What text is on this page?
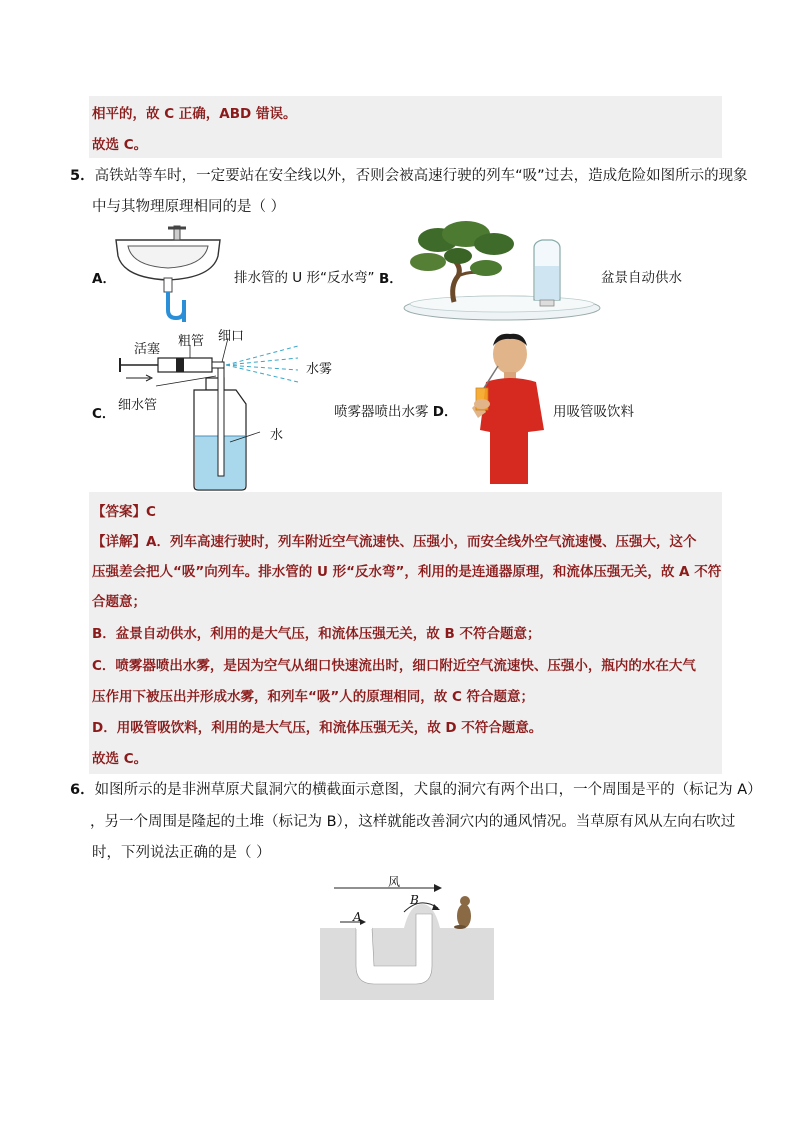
相平的，故 C 正确，ABD 错误。
故选 C。
5．高铁站等车时，一定要站在安全线以外，否则会被高速行驶的列车“吸”过去，造成危险如图所示的现象
中与其物理原理相同的是（ ）
A．	排水管的 U 形“反水弯” B．	盆景自动供水
活塞
粗管 细口
水雾
细水管
水
C．	喷雾器喷出水雾 D．	用吸管吸饮料
【答案】C
【详解】A．列车高速行驶时，列车附近空气流速快、压强小，而安全线外空气流速慢、压强大，这个
压强差会把人“吸”向列车。排水管的 U 形“反水弯”，利用的是连通器原理，和流体压强无关，故 A 不符
合题意；
B．盆景自动供水，利用的是大气压，和流体压强无关，故 B 不符合题意；
C．喷雾器喷出水雾，是因为空气从细口快速流出时，细口附近空气流速快、压强小，瓶内的水在大气
压作用下被压出并形成水雾，和列车“吸”人的原理相同，故 C 符合题意；
D．用吸管吸饮料，利用的是大气压，和流体压强无关，故 D 不符合题意。
故选 C。
6．如图所示的是非洲草原犬鼠洞穴的横截面示意图，犬鼠的洞穴有两个出口，一个周围是平的（标记为 A）
，另一个周围是隆起的土堆（标记为 B），这样就能改善洞穴内的通风情况。当草原有风从左向右吹过
时，下列说法正确的是（ ）
风
A
B
